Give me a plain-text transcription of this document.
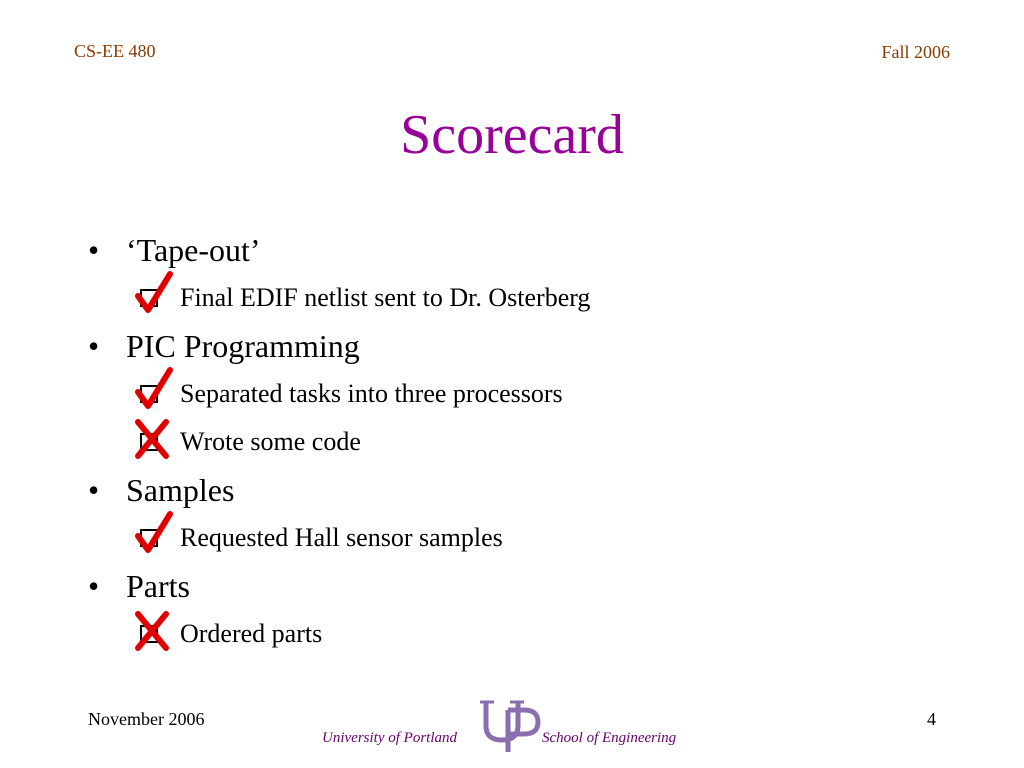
CS-EE 480	Fall 2006
Scorecard
• ‘Tape-out’
Final EDIF netlist sent to Dr. Osterberg
• PIC Programming
Separated tasks into three processors
Wrote some code
• Samples
Requested Hall sensor samples
• Parts
Ordered parts
November 2006	4
University of Portland	School of Engineering
